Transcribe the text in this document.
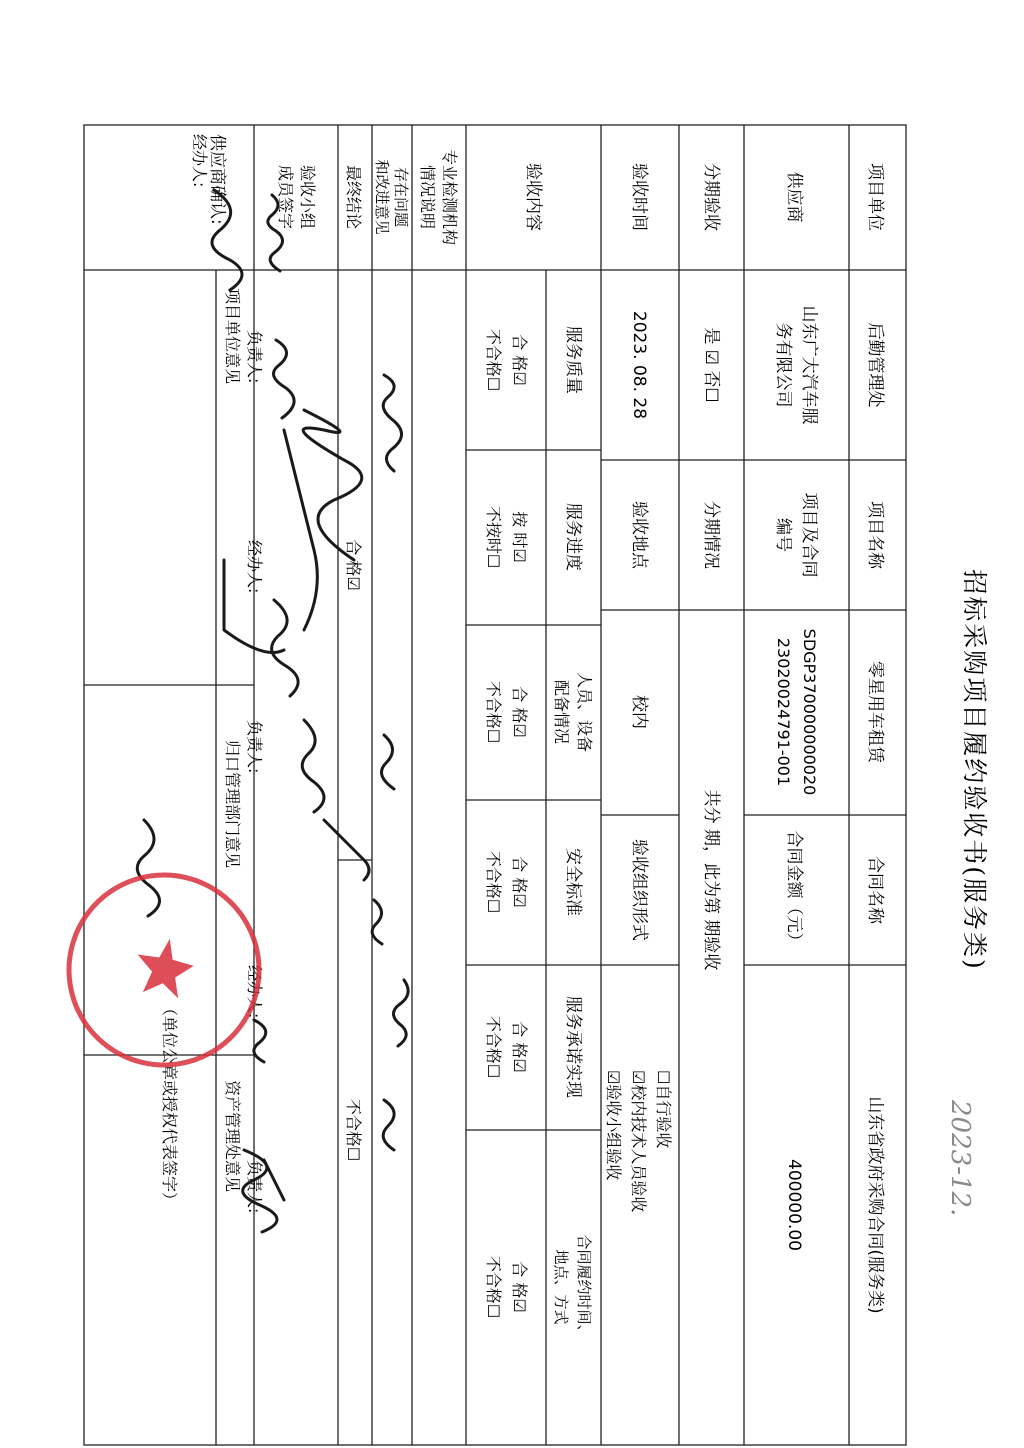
招标采购项目履约验收书(服务类)
2023-12.
项目单位
后勤管理处
项目名称
零星用车租赁
合同名称
山东省政府采购合同(服务类)
供应商
山东广大汽车服
务有限公司
项目及合同
编号
SDGP370000000020
23020024791-001
合同金额（元）
400000.00
分期验收
是 ☑ 否☐
分期情况
共分 期，此为第 期验收
验收时间
2023. 08. 28
验收地点
校内
验收组织形式
☐自行验收
☑校内技术人员验收
☑验收小组验收
验收内容
服务质量
合 格☑
不合格☐
服务进度
按 时☑
不按时☐
人员、设备
配备情况
合 格☑
不合格☐
安全标准
合 格☑
不合格☐
服务承诺实现
合 格☑
不合格☐
合同履约时间、
地点、方式
合 格☑
不合格☐
专业检测机构
情况说明
存在问题
和改进意见
最终结论
合 格☑
不合格☐
验收小组
成员签字
项目单位意见
经办人:
负责人:
经办人:
归口管理部门意见 负责人:
资产管理处意见
经办人:
负责人:
供应商确认:
（单位公章或授权代表签字）
